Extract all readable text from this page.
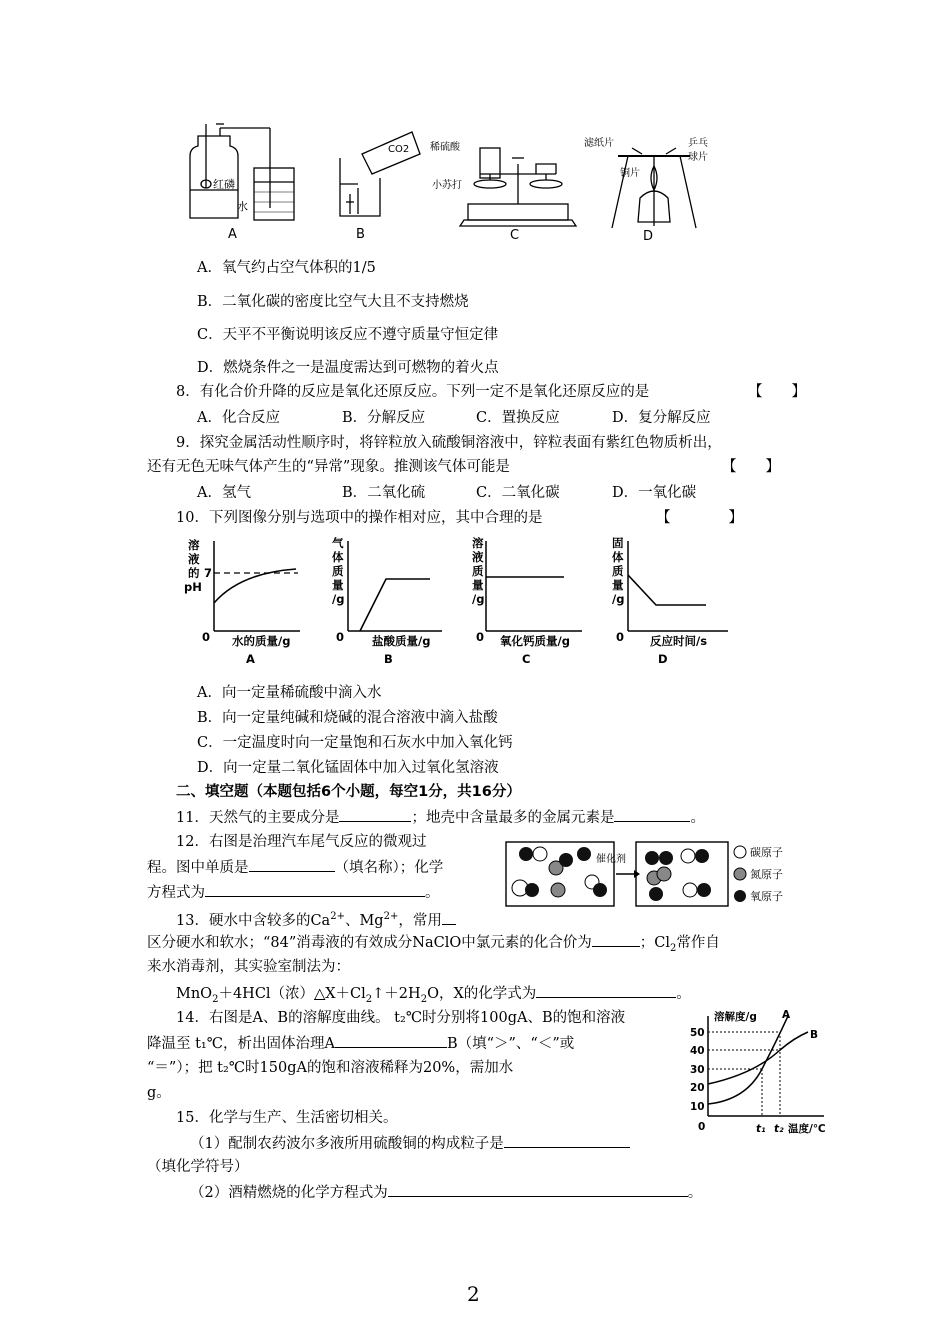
红磷
水
A
CO2
B
稀硫酸
小苏打
C
滤纸片	乒乓
球片
铜片
D
A．氧气约占空气体积的1/5
B．二氧化碳的密度比空气大且不支持燃烧
C．天平不平衡说明该反应不遵守质量守恒定律
D．燃烧条件之一是温度需达到可燃物的着火点
8．有化合价升降的反应是氧化还原反应。下列一定不是氧化还原反应的是	【　　】
A．化合反应	B．分解反应	C．置换反应	D．复分解反应
9．探究金属活动性顺序时，将锌粒放入硫酸铜溶液中，锌粒表面有紫红色物质析出，
还有无色无味气体产生的“异常”现象。推测该气体可能是	【　　】
A．氢气	B．二氧化硫	C．二氧化碳	D．一氧化碳
10．下列图像分别与选项中的操作相对应，其中合理的是	【　　　　】
溶
液
的
pH
7
0 水的质量/g
A
气
体
质
量
/g
0 盐酸质量/g
B
溶
液
质
量
/g
0 氧化钙质量/g
C
固
体
质
量
/g
0 反应时间/s
D
A．向一定量稀硫酸中滴入水
B．向一定量纯碱和烧碱的混合溶液中滴入盐酸
C．一定温度时向一定量饱和石灰水中加入氧化钙
D．向一定量二氧化锰固体中加入过氧化氢溶液
二、填空题（本题包括6个小题，每空1分，共16分）
11．天然气的主要成分是	；地壳中含量最多的金属元素是	。
12．右图是治理汽车尾气反应的微观过
程。图中单质是	（填名称）；化学
方程式为	。
催化剂
碳原子
氮原子
氧原子
13．硬水中含较多的$Ca^{2+}$、$Mg^{2+}$，常用
区分硬水和软水；“84”消毒液的有效成分NaClO中氯元素的化合价为	；$Cl_2$常作自
来水消毒剂，其实验室制法为：
MnO$_2$＋4HCl（浓）$\triangle X+Cl_2↑+2H_2O$，X的化学式为	。
14．右图是A、B的溶解度曲线。 t₂℃时分别将100gA、B的饱和溶液
降温至 t₁℃，析出固体治理A	B（填“＞”、“＜”或
“＝”）；把 t₂℃时150gA的饱和溶液稀释为20%，需加水
g。
溶解度/g
50
40
30
20
10
A
B
0	t₁ t₂ 温度/℃
15．化学与生产、生活密切相关。
（1）配制农药波尔多液所用硫酸铜的构成粒子是
（填化学符号）
（2）酒精燃烧的化学方程式为	。
2
